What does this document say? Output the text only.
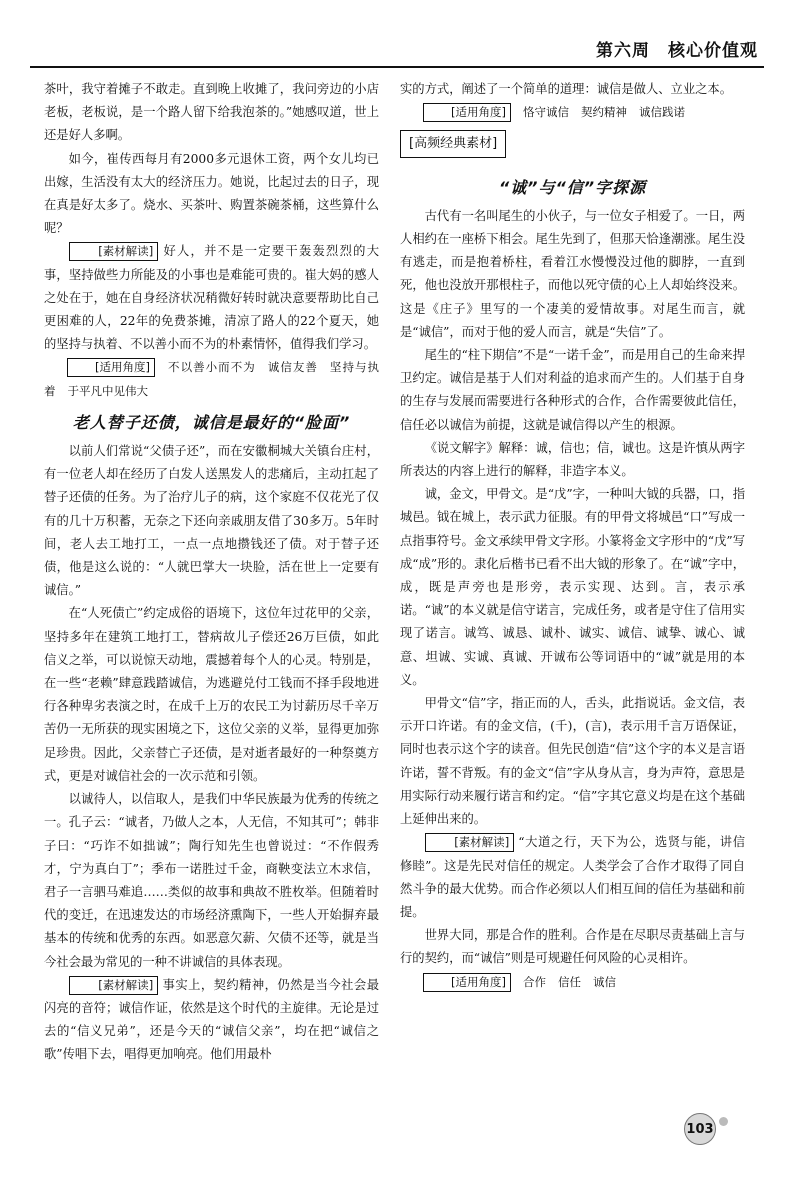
第六周　核心价值观

茶叶，我守着摊子不敢走。直到晚上收摊了，我问旁边的小店老板，老板说，是一个路人留下给我泡茶的。”她感叹道，世上还是好人多啊。

如今，崔传西每月有2000多元退休工资，两个女儿均已出嫁，生活没有太大的经济压力。她说，比起过去的日子，现在真是好太多了。烧水、买茶叶、购置茶碗茶桶，这些算什么呢？

[ 素材解读 ] 好人，并不是一定要干轰轰烈烈的大事，坚持做些力所能及的小事也是难能可贵的。崔大妈的感人之处在于，她在自身经济状况稍微好转时就决意要帮助比自己更困难的人，22年的免费茶摊，清凉了路人的22个夏天，她的坚持与执着、不以善小而不为的朴素情怀，值得我们学习。

[ 适用角度 ] 不以善小而不为 诚信友善 坚持与执着 于平凡中见伟大

老人替子还债，诚信是最好的“脸面”

以前人们常说“父债子还”，而在安徽桐城大关镇台庄村，有一位老人却在经历了白发人送黑发人的悲痛后，主动扛起了替子还债的任务。为了治疗儿子的病，这个家庭不仅花光了仅有的几十万积蓄，无奈之下还向亲戚朋友借了30多万。5年时间，老人去工地打工，一点一点地攒钱还了债。对于替子还债，他是这么说的：“人就巴掌大一块脸，活在世上一定要有诚信。”

在“人死债亡”约定成俗的语境下，这位年过花甲的父亲，坚持多年在建筑工地打工，替病故儿子偿还26万巨债，如此信义之举，可以说惊天动地，震撼着每个人的心灵。特别是，在一些“老赖”肆意践踏诚信，为逃避兑付工钱而不择手段地进行各种卑劣表演之时，在成千上万的农民工为讨薪历尽千辛万苦仍一无所获的现实困境之下，这位父亲的义举，显得更加弥足珍贵。因此，父亲替亡子还债，是对逝者最好的一种祭奠方式，更是对诚信社会的一次示范和引领。

以诚待人，以信取人，是我们中华民族最为优秀的传统之一。孔子云：“诚者，乃做人之本，人无信，不知其可”；韩非子曰：“巧诈不如拙诚”；陶行知先生也曾说过：“不作假秀才，宁为真白丁”；季布一诺胜过千金，商鞅变法立木求信，君子一言驷马难追……类似的故事和典故不胜枚举。但随着时代的变迁，在迅速发达的市场经济熏陶下，一些人开始摒弃最基本的传统和优秀的东西。如恶意欠薪、欠债不还等，就是当今社会最为常见的一种不讲诚信的具体表现。

[ 素材解读 ] 事实上，契约精神，仍然是当今社会最闪亮的音符；诚信作证，依然是这个时代的主旋律。无论是过去的“信义兄弟”，还是今天的“诚信父亲”，均在把“诚信之歌”传唱下去，唱得更加响亮。他们用最朴

实的方式，阐述了一个简单的道理：诚信是做人、立业之本。

[ 适用角度 ] 恪守诚信 契约精神 诚信践诺

[ 高频经典素材 ]
“诚”与“信”字探源

古代有一名叫尾生的小伙子，与一位女子相爱了。一日，两人相约在一座桥下相会。尾生先到了，但那天恰逢潮涨。尾生没有逃走，而是抱着桥柱，看着江水慢慢没过他的脚脖，一直到死，他也没放开那根柱子，而他以死守债的心上人却始终没来。这是《庄子》里写的一个凄美的爱情故事。对尾生而言，就是“诚信”，而对于他的爱人而言，就是“失信”了。

尾生的“柱下期信”不是“一诺千金”，而是用自己的生命来捍卫约定。诚信是基于人们对利益的追求而产生的。人们基于自身的生存与发展而需要进行各种形式的合作，合作需要彼此信任，信任必以诚信为前提，这就是诚信得以产生的根源。

《说文解字》解释：诚，信也；信，诚也。这是许慎从两字所表达的内容上进行的解释，非造字本义。

诚，金文，甲骨文。是“戊”字，一种叫大钺的兵器，口，指城邑。钺在城上，表示武力征服。有的甲骨文将城邑“口”写成一点指事符号。金文承续甲骨文字形。小篆将金文字形中的“戊”写成“成”形的。隶化后楷书已看不出大钺的形象了。在“诚”字中，成，既是声旁也是形旁，表示实现、达到。言，表示承诺。“诚”的本义就是信守诺言，完成任务，或者是守住了信用实现了诺言。诚笃、诚恳、诚朴、诚实、诚信、诚挚、诚心、诚意、坦诚、实诚、真诚、开诚布公等词语中的“诚”就是用的本义。

甲骨文“信”字，指正而的人，舌头，此指说话。金文信，表示开口许诺。有的金文信，(千)，(言)，表示用千言万语保证，同时也表示这个字的读音。但先民创造“信”这个字的本义是言语许诺，誓不背叛。有的金文“信”字从身从言，身为声符，意思是用实际行动来履行诺言和约定。“信”字其它意义均是在这个基础上延伸出来的。

[ 素材解读 ] “大道之行，天下为公，选贤与能，讲信修睦”。这是先民对信任的规定。人类学会了合作才取得了同自然斗争的最大优势。而合作必须以人们相互间的信任为基础和前提。

世界大同，那是合作的胜利。合作是在尽职尽责基础上言与行的契约，而“诚信”则是可规避任何风险的心灵相许。

[ 适用角度 ] 合作 信任 诚信

103
